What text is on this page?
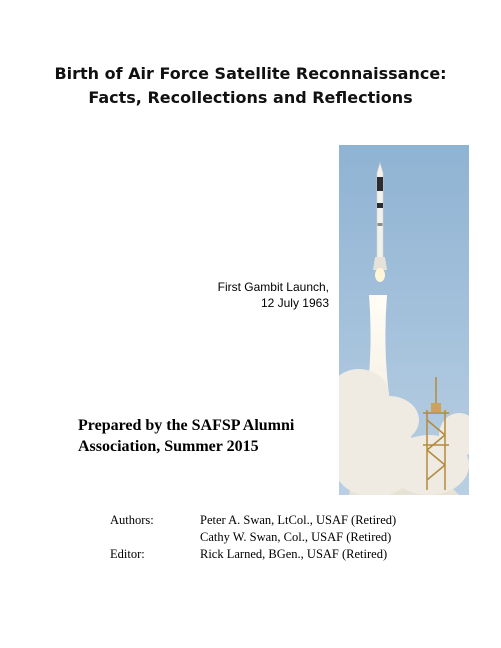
Birth of Air Force Satellite Reconnaissance:
Facts, Recollections and Reflections
First Gambit Launch,
12 July 1963
Prepared by the SAFSP Alumni
Association, Summer 2015
Authors:	Peter A. Swan, LtCol., USAF (Retired)
Cathy W. Swan, Col., USAF (Retired)
Editor:	Rick Larned, BGen., USAF (Retired)
